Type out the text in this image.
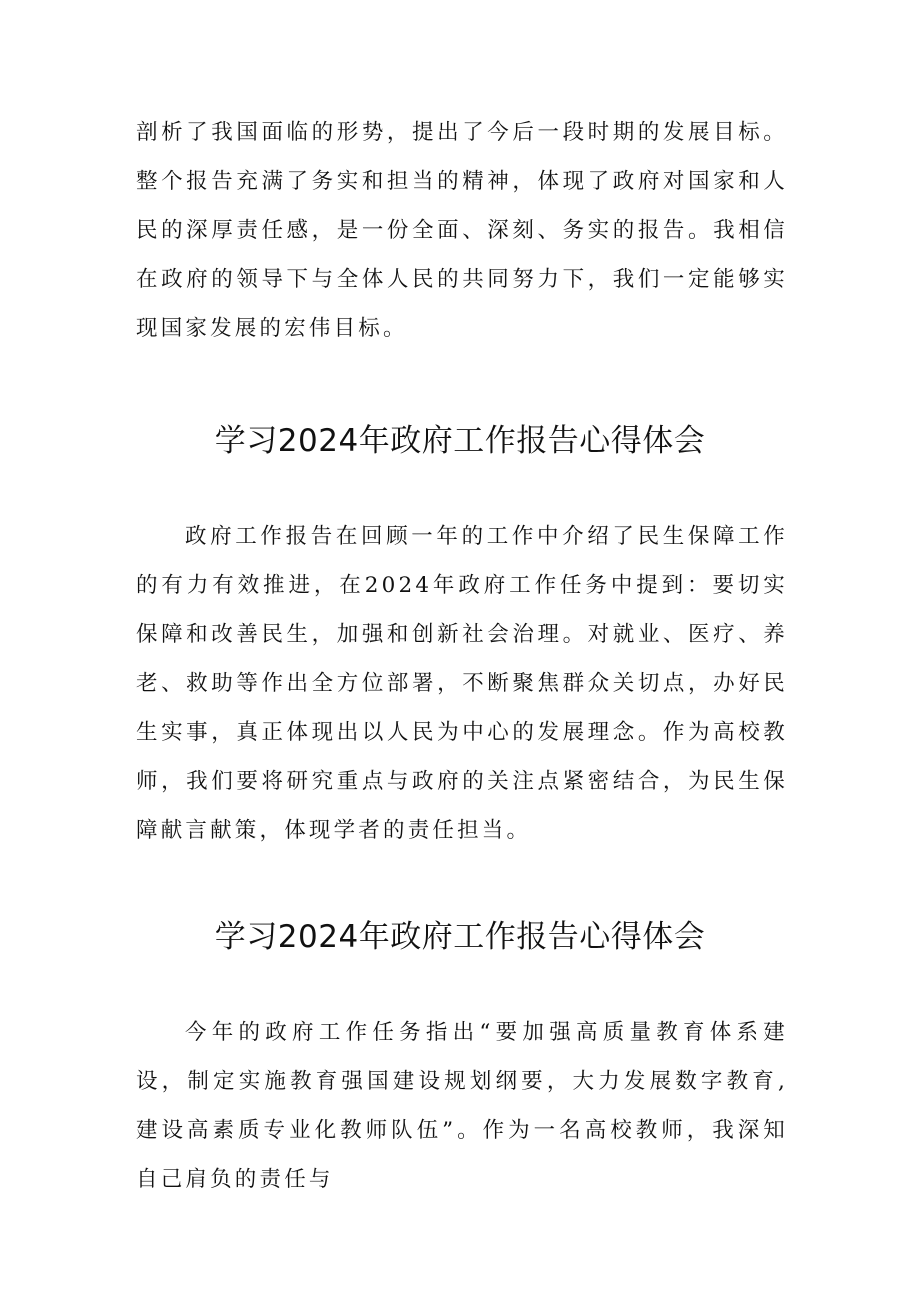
剖析了我国面临的形势，提出了今后一段时期的发展目标。整个报告充满了务实和担当的精神，体现了政府对国家和人民的深厚责任感，是一份全面、深刻、务实的报告。我相信在政府的领导下与全体人民的共同努力下，我们一定能够实现国家发展的宏伟目标。

学习2024年政府工作报告心得体会

政府工作报告在回顾一年的工作中介绍了民生保障工作的有力有效推进，在2024年政府工作任务中提到：要切实保障和改善民生，加强和创新社会治理。对就业、医疗、养老、救助等作出全方位部署，不断聚焦群众关切点，办好民生实事，真正体现出以人民为中心的发展理念。作为高校教师，我们要将研究重点与政府的关注点紧密结合，为民生保障献言献策，体现学者的责任担当。

学习2024年政府工作报告心得体会

今年的政府工作任务指出“要加强高质量教育体系建设，制定实施教育强国建设规划纲要，大力发展数字教育,建设高素质专业化教师队伍”。作为一名高校教师，我深知自己肩负的责任与
